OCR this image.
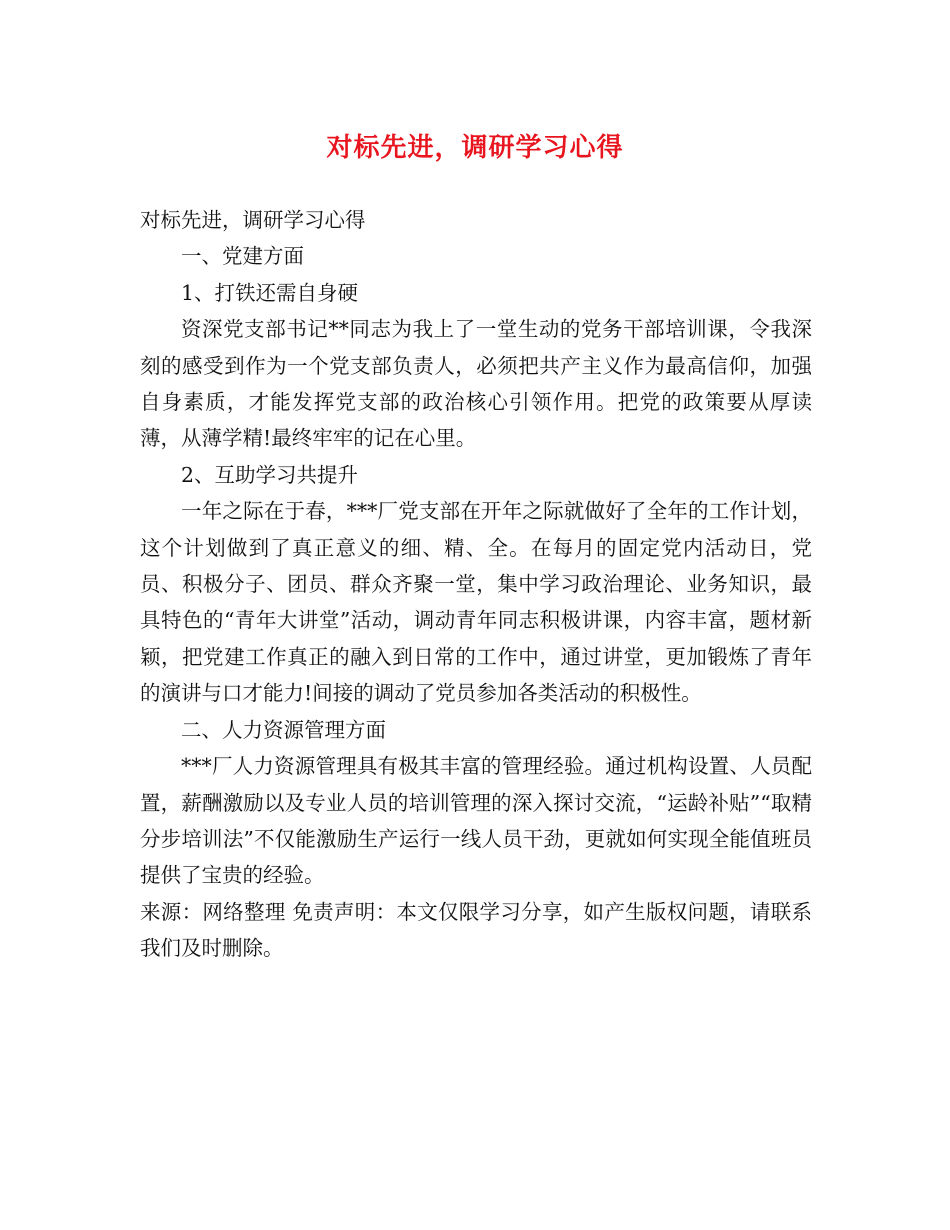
对标先进，调研学习心得

对标先进，调研学习心得

一、党建方面

1、打铁还需自身硬

资深党支部书记**同志为我上了一堂生动的党务干部培训课，令我深刻的感受到作为一个党支部负责人，必须把共产主义作为最高信仰，加强自身素质，才能发挥党支部的政治核心引领作用。把党的政策要从厚读薄，从薄学精!最终牢牢的记在心里。

2、互助学习共提升

一年之际在于春，***厂党支部在开年之际就做好了全年的工作计划，这个计划做到了真正意义的细、精、全。在每月的固定党内活动日，党员、积极分子、团员、群众齐聚一堂，集中学习政治理论、业务知识，最具特色的“青年大讲堂”活动，调动青年同志积极讲课，内容丰富，题材新颖，把党建工作真正的融入到日常的工作中，通过讲堂，更加锻炼了青年的演讲与口才能力!间接的调动了党员参加各类活动的积极性。

二、人力资源管理方面

***厂人力资源管理具有极其丰富的管理经验。通过机构设置、人员配置，薪酬激励以及专业人员的培训管理的深入探讨交流，“运龄补贴”“取精分步培训法”不仅能激励生产运行一线人员干劲，更就如何实现全能值班员提供了宝贵的经验。

来源：网络整理 免责声明：本文仅限学习分享，如产生版权问题，请联系我们及时删除。
